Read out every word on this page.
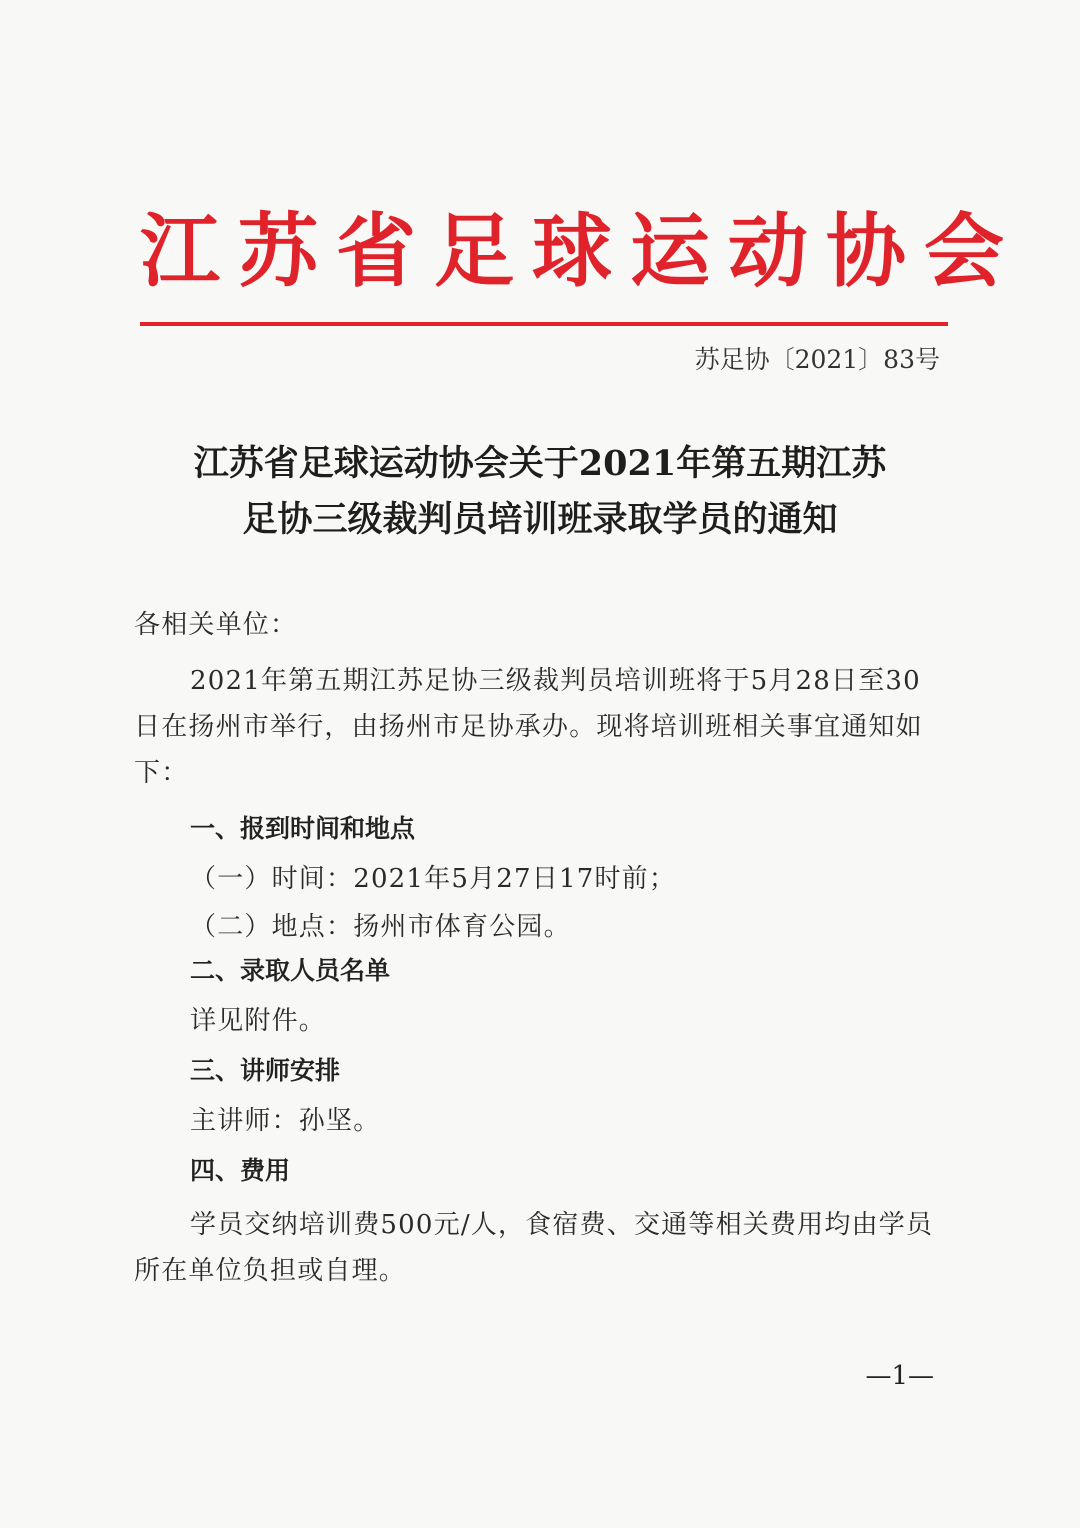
江苏省足球运动协会
苏足协〔2021〕83号
江苏省足球运动协会关于2021年第五期江苏
足协三级裁判员培训班录取学员的通知
各相关单位：
2021年第五期江苏足协三级裁判员培训班将于5月28日至30日在扬州市举行，由扬州市足协承办。现将培训班相关事宜通知如下：
一、报到时间和地点
（一）时间：2021年5月27日17时前；
（二）地点：扬州市体育公园。
二、录取人员名单
详见附件。
三、讲师安排
主讲师：孙坚。
四、费用
学员交纳培训费500元/人，食宿费、交通等相关费用均由学员所在单位负担或自理。
—1—
